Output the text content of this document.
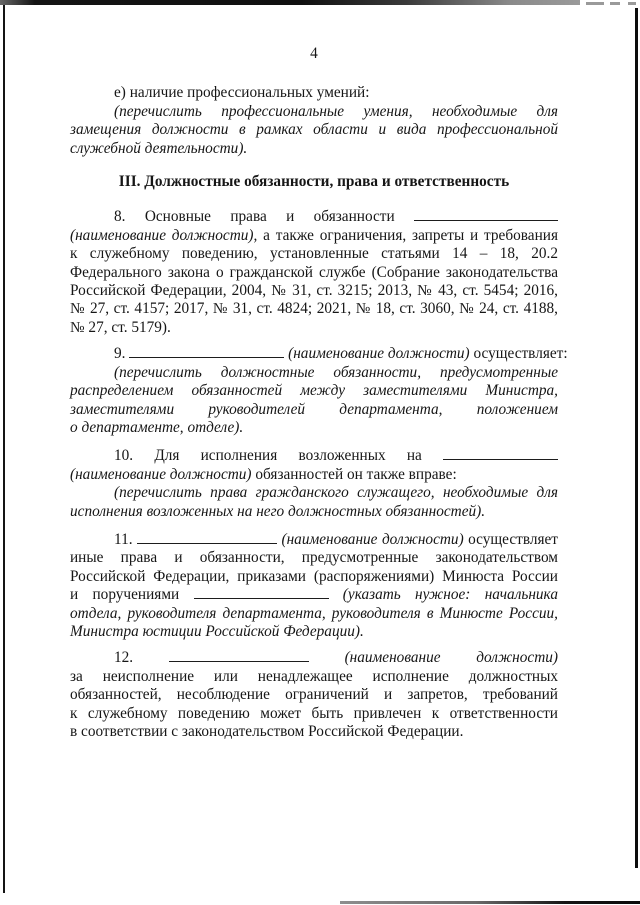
4
е) наличие профессиональных умений:
(перечислить профессиональные умения, необходимые для
замещения должности в рамках области и вида профессиональной
служебной деятельности).
III. Должностные обязанности, права и ответственность
8. Основные права и обязанности
(наименование должности), а также ограничения, запреты и требования
к служебному поведению, установленные статьями 14 – 18, 20.2
Федерального закона о гражданской службе (Собрание законодательства
Российской Федерации, 2004, № 31, ст. 3215; 2013, № 43, ст. 5454; 2016,
№ 27, ст. 4157; 2017, № 31, ст. 4824; 2021, № 18, ст. 3060, № 24, ст. 4188,
№ 27, ст. 5179).
9.	(наименование должности) осуществляет:
(перечислить должностные обязанности, предусмотренные
распределением обязанностей между заместителями Министра,
заместителями руководителей департамента, положением
о департаменте, отделе).
10. Для исполнения возложенных на
(наименование должности) обязанностей он также вправе:
(перечислить права гражданского служащего, необходимые для
исполнения возложенных на него должностных обязанностей).
11.	(наименование должности) осуществляет
иные права и обязанности, предусмотренные законодательством
Российской Федерации, приказами (распоряжениями) Минюста России
и поручениями	(указать нужное: начальника
отдела, руководителя департамента, руководителя в Минюсте России,
Министра юстиции Российской Федерации).
12.	(наименование должности)
за неисполнение или ненадлежащее исполнение должностных
обязанностей, несоблюдение ограничений и запретов, требований
к служебному поведению может быть привлечен к ответственности
в соответствии с законодательством Российской Федерации.
